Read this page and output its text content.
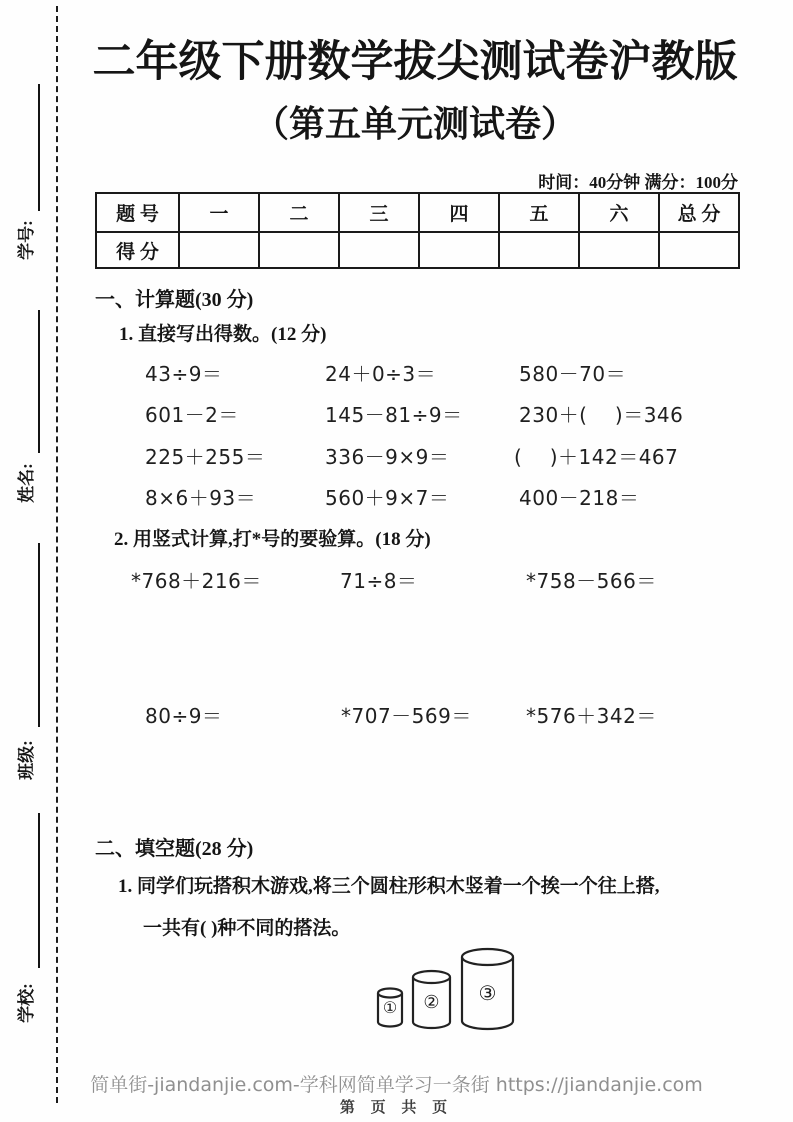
学号:
姓名:
班级:
学校:
二年级下册数学拔尖测试卷沪教版
（第五单元测试卷）
时间：40分钟 满分：100分
题 号	一	二	三	四	五	六	总 分
得 分							
一、计算题(30 分)
1. 直接写出得数。(12 分)
43÷9＝	24＋0÷3＝	580－70＝
601－2＝	145－81÷9＝	230＋(    )＝346
225＋255＝	336－9×9＝	(    )＋142＝467
8×6＋93＝	560＋9×7＝	400－218＝
2. 用竖式计算,打*号的要验算。(18 分)
*768＋216＝	71÷8＝	*758－566＝
80÷9＝	*707－569＝	*576＋342＝
二、填空题(28 分)
1. 同学们玩搭积木游戏,将三个圆柱形积木竖着一个挨一个往上搭,
一共有( )种不同的搭法。
① ② ③
简单街-jiandanjie.com-学科网简单学习一条街 https://jiandanjie.com
第 页 共 页
